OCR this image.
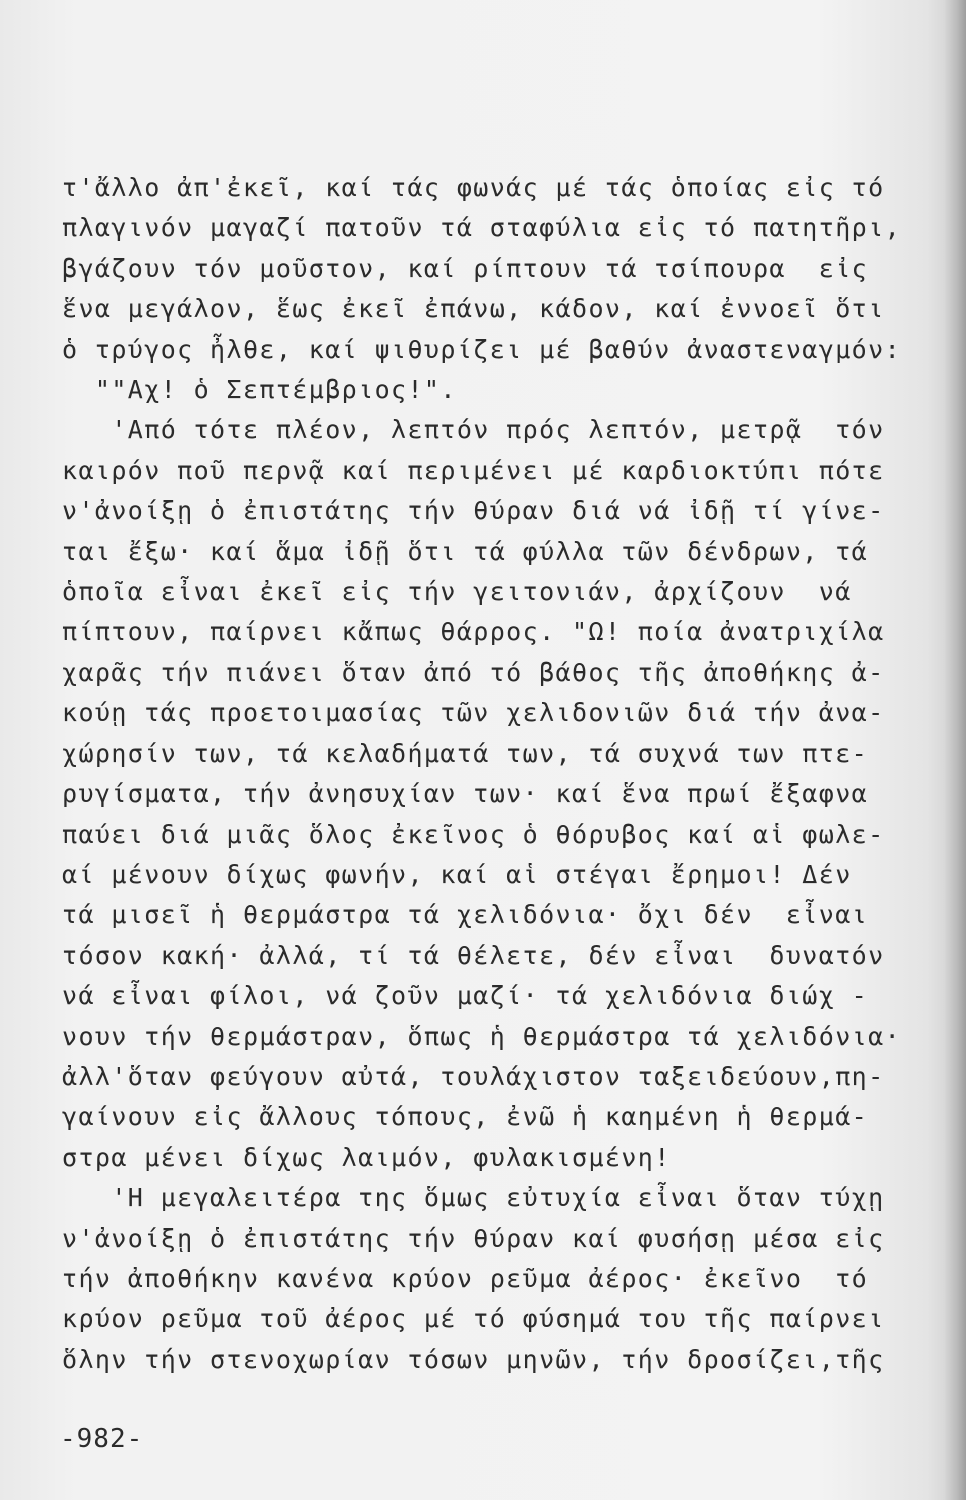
τ'ἄλλο ἀπ'ἐκεῖ, καί τάς φωνάς μέ τάς ὁποίας εἰς τό
πλαγινόν μαγαζί πατοῦν τά σταφύλια εἰς τό πατητῆρι,
βγάζουν τόν μοῦστον, καί ρίπτουν τά τσίπουρα  εἰς
ἕνα μεγάλον, ἕως ἐκεῖ ἐπάνω, κάδον, καί ἐννοεῖ ὅτι
ὁ τρύγος ἦλθε, καί ψιθυρίζει μέ βαθύν ἀναστεναγμόν:
""Αχ! ὁ Σεπτέμβριος!".
'Από τότε πλέον, λεπτόν πρός λεπτόν, μετρᾷ  τόν
καιρόν ποῦ περνᾷ καί περιμένει μέ καρδιοκτύπι πότε
ν'ἀνοίξῃ ὁ ἐπιστάτης τήν θύραν διά νά ἰδῇ τί γίνε-
ται ἔξω· καί ἅμα ἰδῇ ὅτι τά φύλλα τῶν δένδρων, τά
ὁποῖα εἶναι ἐκεῖ εἰς τήν γειτονιάν, ἀρχίζουν  νά
πίπτουν, παίρνει κἄπως θάρρος. "Ω! ποία ἀνατριχίλα
χαρᾶς τήν πιάνει ὅταν ἀπό τό βάθος τῆς ἀποθήκης ἀ-
κούῃ τάς προετοιμασίας τῶν χελιδονιῶν διά τήν ἀνα-
χώρησίν των, τά κελαδήματά των, τά συχνά των πτε-
ρυγίσματα, τήν ἀνησυχίαν των· καί ἕνα πρωί ἔξαφνα
παύει διά μιᾶς ὅλος ἐκεῖνος ὁ θόρυβος καί αἱ φωλε-
αί μένουν δίχως φωνήν, καί αἱ στέγαι ἔρημοι! Δέν
τά μισεῖ ἡ θερμάστρα τά χελιδόνια· ὄχι δέν  εἶναι
τόσον κακή· ἀλλά, τί τά θέλετε, δέν εἶναι  δυνατόν
νά εἶναι φίλοι, νά ζοῦν μαζί· τά χελιδόνια διώχ -
νουν τήν θερμάστραν, ὅπως ἡ θερμάστρα τά χελιδόνια·
ἀλλ'ὅταν φεύγουν αὐτά, τουλάχιστον ταξειδεύουν,πη-
γαίνουν εἰς ἄλλους τόπους, ἐνῶ ἡ καημένη ἡ θερμά-
στρα μένει δίχως λαιμόν, φυλακισμένη!
'Η μεγαλειτέρα της ὅμως εὐτυχία εἶναι ὅταν τύχῃ
ν'ἀνοίξῃ ὁ ἐπιστάτης τήν θύραν καί φυσήσῃ μέσα εἰς
τήν ἀποθήκην κανένα κρύον ρεῦμα ἀέρος· ἐκεῖνο  τό
κρύον ρεῦμα τοῦ ἀέρος μέ τό φύσημά του τῆς παίρνει
ὅλην τήν στενοχωρίαν τόσων μηνῶν, τήν δροσίζει,τῆς
-982-
